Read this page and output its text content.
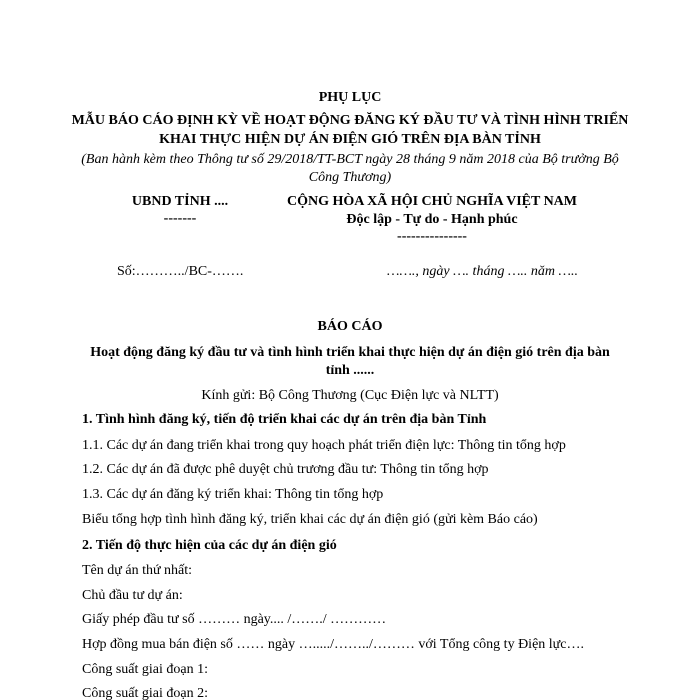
PHỤ LỤC
MẪU BÁO CÁO ĐỊNH KỲ VỀ HOẠT ĐỘNG ĐĂNG KÝ ĐẦU TƯ VÀ TÌNH HÌNH TRIỂN
KHAI THỰC HIỆN DỰ ÁN ĐIỆN GIÓ TRÊN ĐỊA BÀN TỈNH
(Ban hành kèm theo Thông tư số 29/2018/TT-BCT ngày 28 tháng 9 năm 2018 của Bộ trưởng Bộ
Công Thương)
UBND TỈNH ....
-------
CỘNG HÒA XÃ HỘI CHỦ NGHĨA VIỆT NAM
Độc lập - Tự do - Hạnh phúc
---------------
Số:………../BC-…….	……., ngày …. tháng ….. năm …..
BÁO CÁO
Hoạt động đăng ký đầu tư và tình hình triển khai thực hiện dự án điện gió trên địa bàn
tỉnh ......
Kính gửi: Bộ Công Thương (Cục Điện lực và NLTT)
1. Tình hình đăng ký, tiến độ triển khai các dự án trên địa bàn Tỉnh
1.1. Các dự án đang triển khai trong quy hoạch phát triển điện lực: Thông tin tổng hợp
1.2. Các dự án đã được phê duyệt chủ trương đầu tư: Thông tin tổng hợp
1.3. Các dự án đăng ký triển khai: Thông tin tổng hợp
Biểu tổng hợp tình hình đăng ký, triển khai các dự án điện gió (gửi kèm Báo cáo)
2. Tiến độ thực hiện của các dự án điện gió
Tên dự án thứ nhất:
Chủ đầu tư dự án:
Giấy phép đầu tư số ……… ngày.... /……./ …………
Hợp đồng mua bán điện số …… ngày …...../……../……… với Tổng công ty Điện lực….
Công suất giai đoạn 1:
Công suất giai đoạn 2:
